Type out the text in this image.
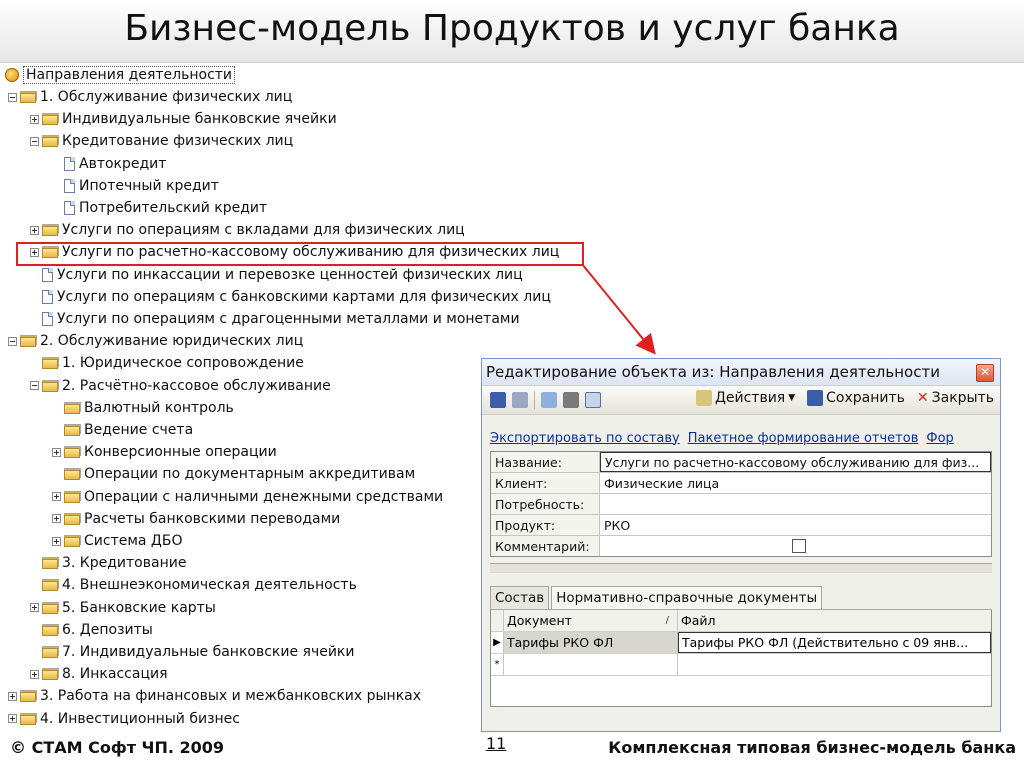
Бизнес-модель Продуктов и услуг банка
Направления деятельности
1. Обслуживание физических лиц
Индивидуальные банковские ячейки
Кредитование физических лиц
Автокредит
Ипотечный кредит
Потребительский кредит
Услуги по операциям с вкладами для физических лиц
Услуги по расчетно-кассовому обслуживанию для физических лиц
Услуги по инкассации и перевозке ценностей физических лиц
Услуги по операциям с банковскими картами для физических лиц
Услуги по операциям с драгоценными металлами и монетами
2. Обслуживание юридических лиц
1. Юридическое сопровождение
2. Расчётно-кассовое обслуживание
Валютный контроль
Ведение счета
Конверсионные операции
Операции по документарным аккредитивам
Операции с наличными денежными средствами
Расчеты банковскими переводами
Система ДБО
3. Кредитование
4. Внешнеэкономическая деятельность
5. Банковские карты
6. Депозиты
7. Индивидуальные банковские ячейки
8. Инкассация
3. Работа на финансовых и межбанковских рынках
4. Инвестиционный бизнес
Редактирование объекта из: Направления деятельности	✕
Действия ▼ Сохранить ✕ Закрыть
Экспортировать по составу Пакетное формирование отчетов Фор
Название:	Услуги по расчетно-кассовому обслуживанию для физ...
Клиент:	Физические лица
Потребность:
Продукт:	РКО
Комментарий:
Состав Нормативно-справочные документы
Документ	/ Файл
▶ Тарифы РКО ФЛ	Тарифы РКО ФЛ (Действительно с 09 янв...
*
© СТАМ Софт ЧП. 2009	11	Комплексная типовая бизнес-модель банка
